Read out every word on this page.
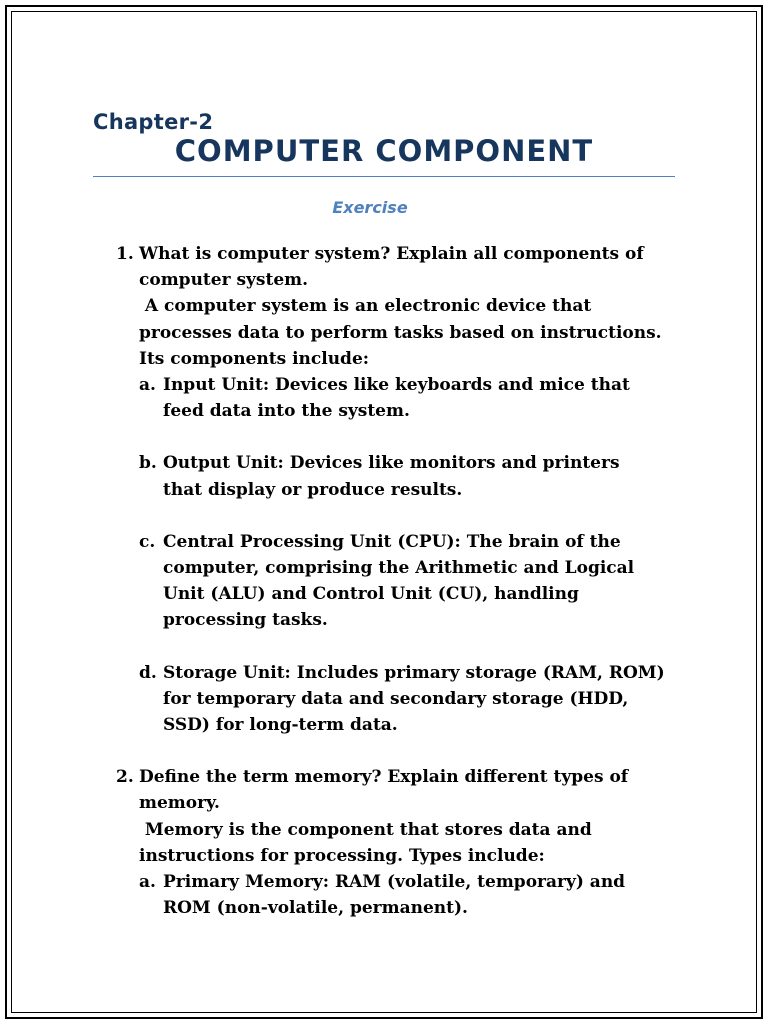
Chapter-2
COMPUTER COMPONENT

Exercise

1. What is computer system? Explain all components of
computer system.
A computer system is an electronic device that
processes data to perform tasks based on instructions.
Its components include:
a. Input Unit: Devices like keyboards and mice that
feed data into the system.
b. Output Unit: Devices like monitors and printers
that display or produce results.
c. Central Processing Unit (CPU): The brain of the
computer, comprising the Arithmetic and Logical
Unit (ALU) and Control Unit (CU), handling
processing tasks.
d. Storage Unit: Includes primary storage (RAM, ROM)
for temporary data and secondary storage (HDD,
SSD) for long-term data.
2. Define the term memory? Explain different types of
memory.
Memory is the component that stores data and
instructions for processing. Types include:
a. Primary Memory: RAM (volatile, temporary) and
ROM (non-volatile, permanent).
